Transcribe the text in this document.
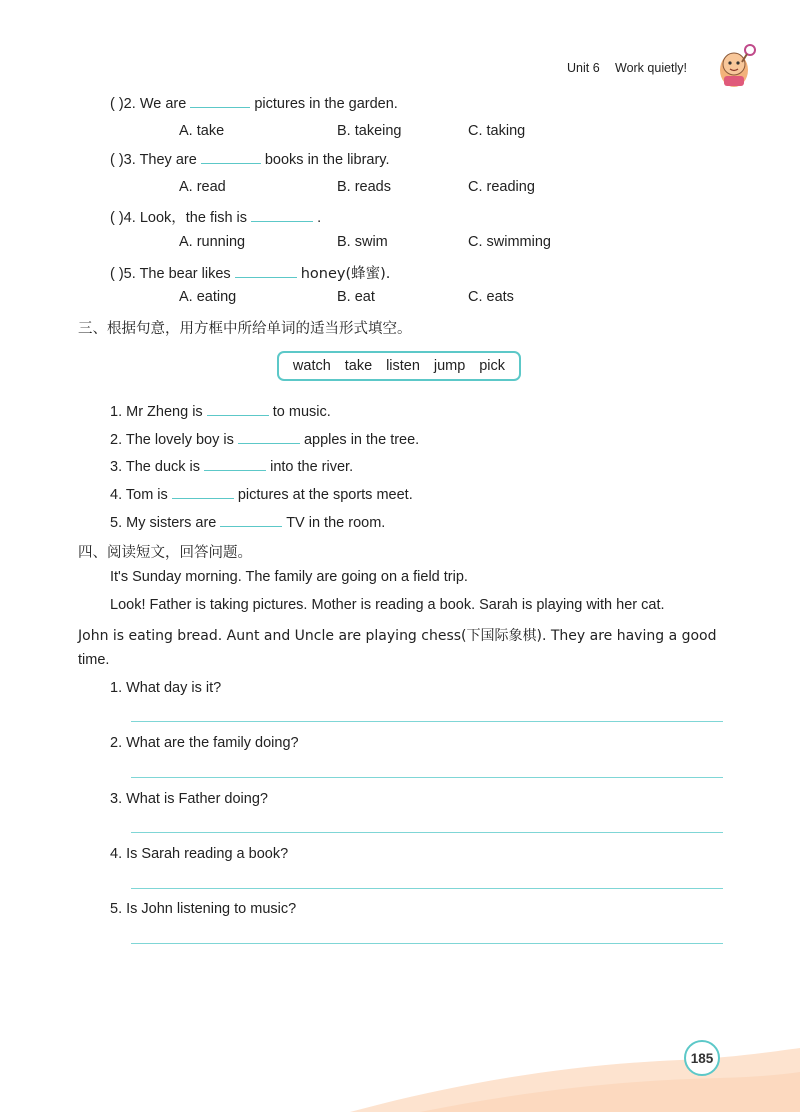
Unit 6 Work quietly!
( )2. We are	pictures in the garden.
A. take	B. takeing	C. taking
( )3. They are	books in the library.
A. read	B. reads	C. reading
( )4. Look，the fish is	.
A. running	B. swim	C. swimming
( )5. The bear likes	honey(蜂蜜).
A. eating	B. eat	C. eats
三、根据句意，用方框中所给单词的适当形式填空。
watch take listen jump pick
1. Mr Zheng is	to music.
2. The lovely boy is	apples in the tree.
3. The duck is	into the river.
4. Tom is	pictures at the sports meet.
5. My sisters are	TV in the room.
四、阅读短文，回答问题。
It's Sunday morning. The family are going on a field trip.
Look! Father is taking pictures. Mother is reading a book. Sarah is playing with her cat.
John is eating bread. Aunt and Uncle are playing chess(下国际象棋). They are having a good
time.
1. What day is it?
2. What are the family doing?
3. What is Father doing?
4. Is Sarah reading a book?
5. Is John listening to music?
185
